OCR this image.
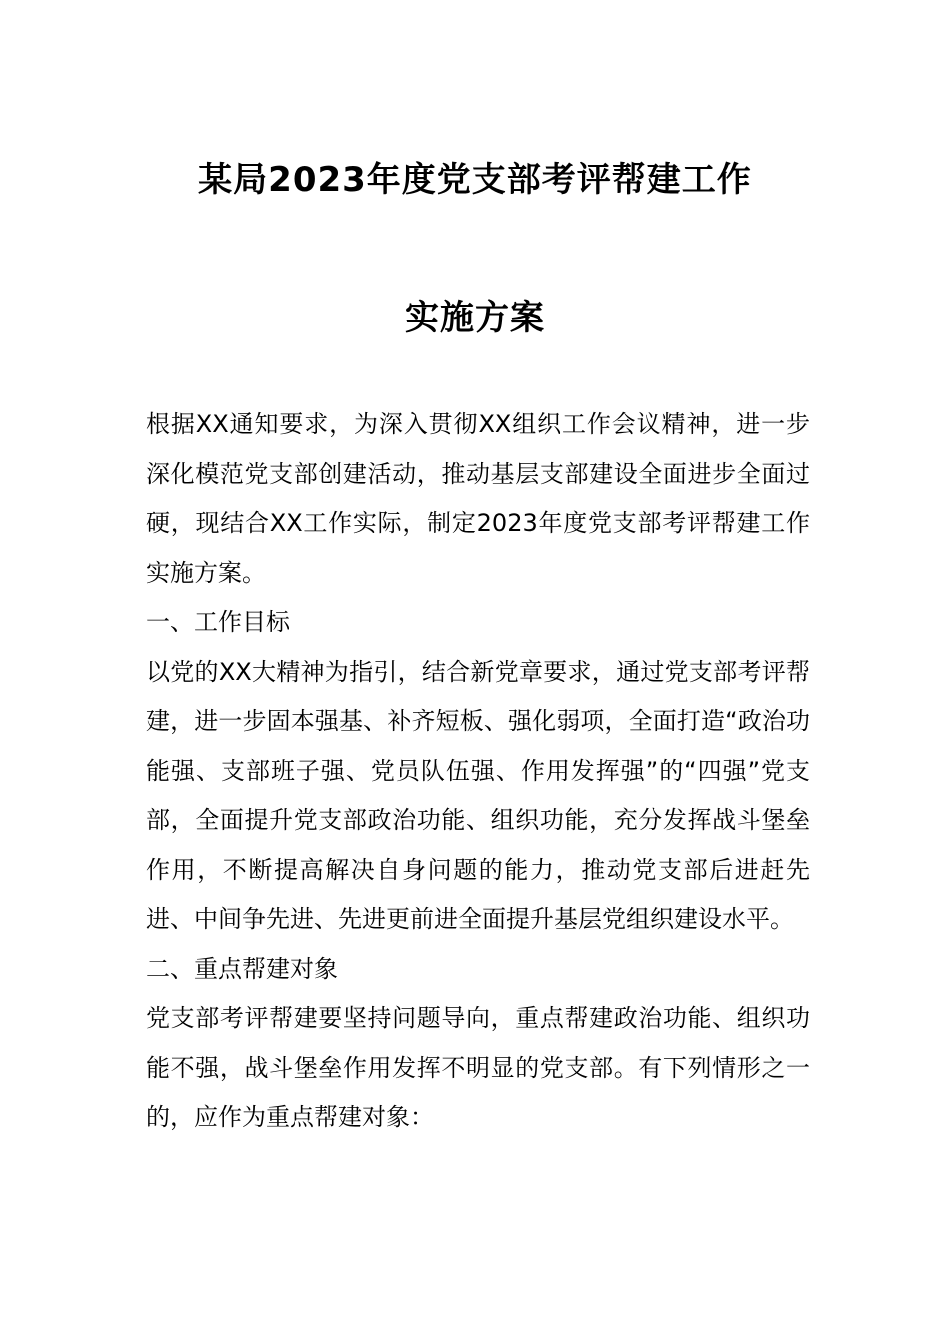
某局2023年度党支部考评帮建工作
实施方案

根据XX通知要求，为深入贯彻XX组织工作会议精神，进一步深化模范党支部创建活动，推动基层支部建设全面进步全面过硬，现结合XX工作实际，制定2023年度党支部考评帮建工作实施方案。

一、工作目标

以党的XX大精神为指引，结合新党章要求，通过党支部考评帮建，进一步固本强基、补齐短板、强化弱项，全面打造“政治功能强、支部班子强、党员队伍强、作用发挥强”的“四强”党支部，全面提升党支部政治功能、组织功能，充分发挥战斗堡垒作用，不断提高解决自身问题的能力，推动党支部后进赶先进、中间争先进、先进更前进全面提升基层党组织建设水平。

二、重点帮建对象

党支部考评帮建要坚持问题导向，重点帮建政治功能、组织功能不强，战斗堡垒作用发挥不明显的党支部。有下列情形之一的，应作为重点帮建对象：
